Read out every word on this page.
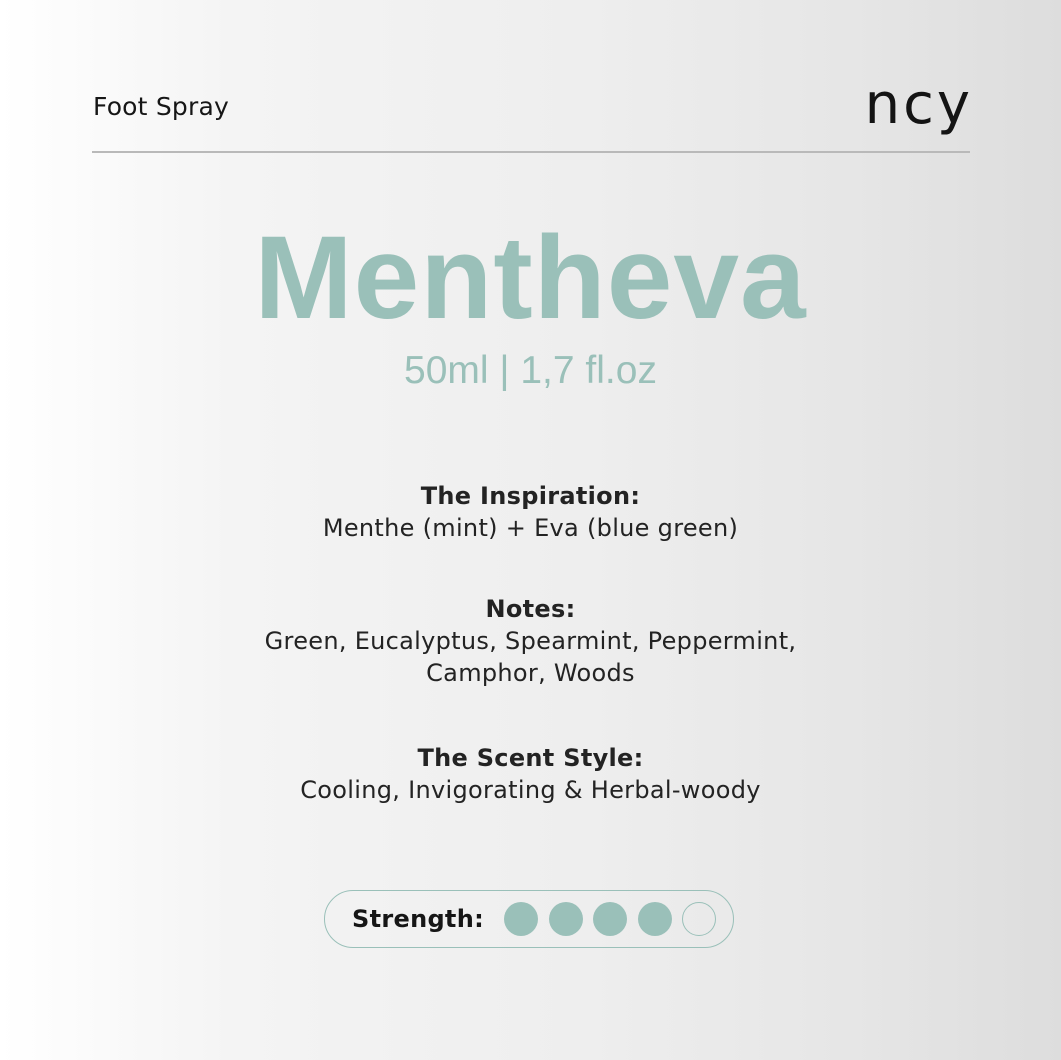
Foot Spray	ncy
Mentheva
50ml | 1,7 fl.oz
The Inspiration:
Menthe (mint) + Eva (blue green)
Notes:
Green, Eucalyptus, Spearmint, Peppermint,
Camphor, Woods
The Scent Style:
Cooling, Invigorating & Herbal-woody
Strength:
